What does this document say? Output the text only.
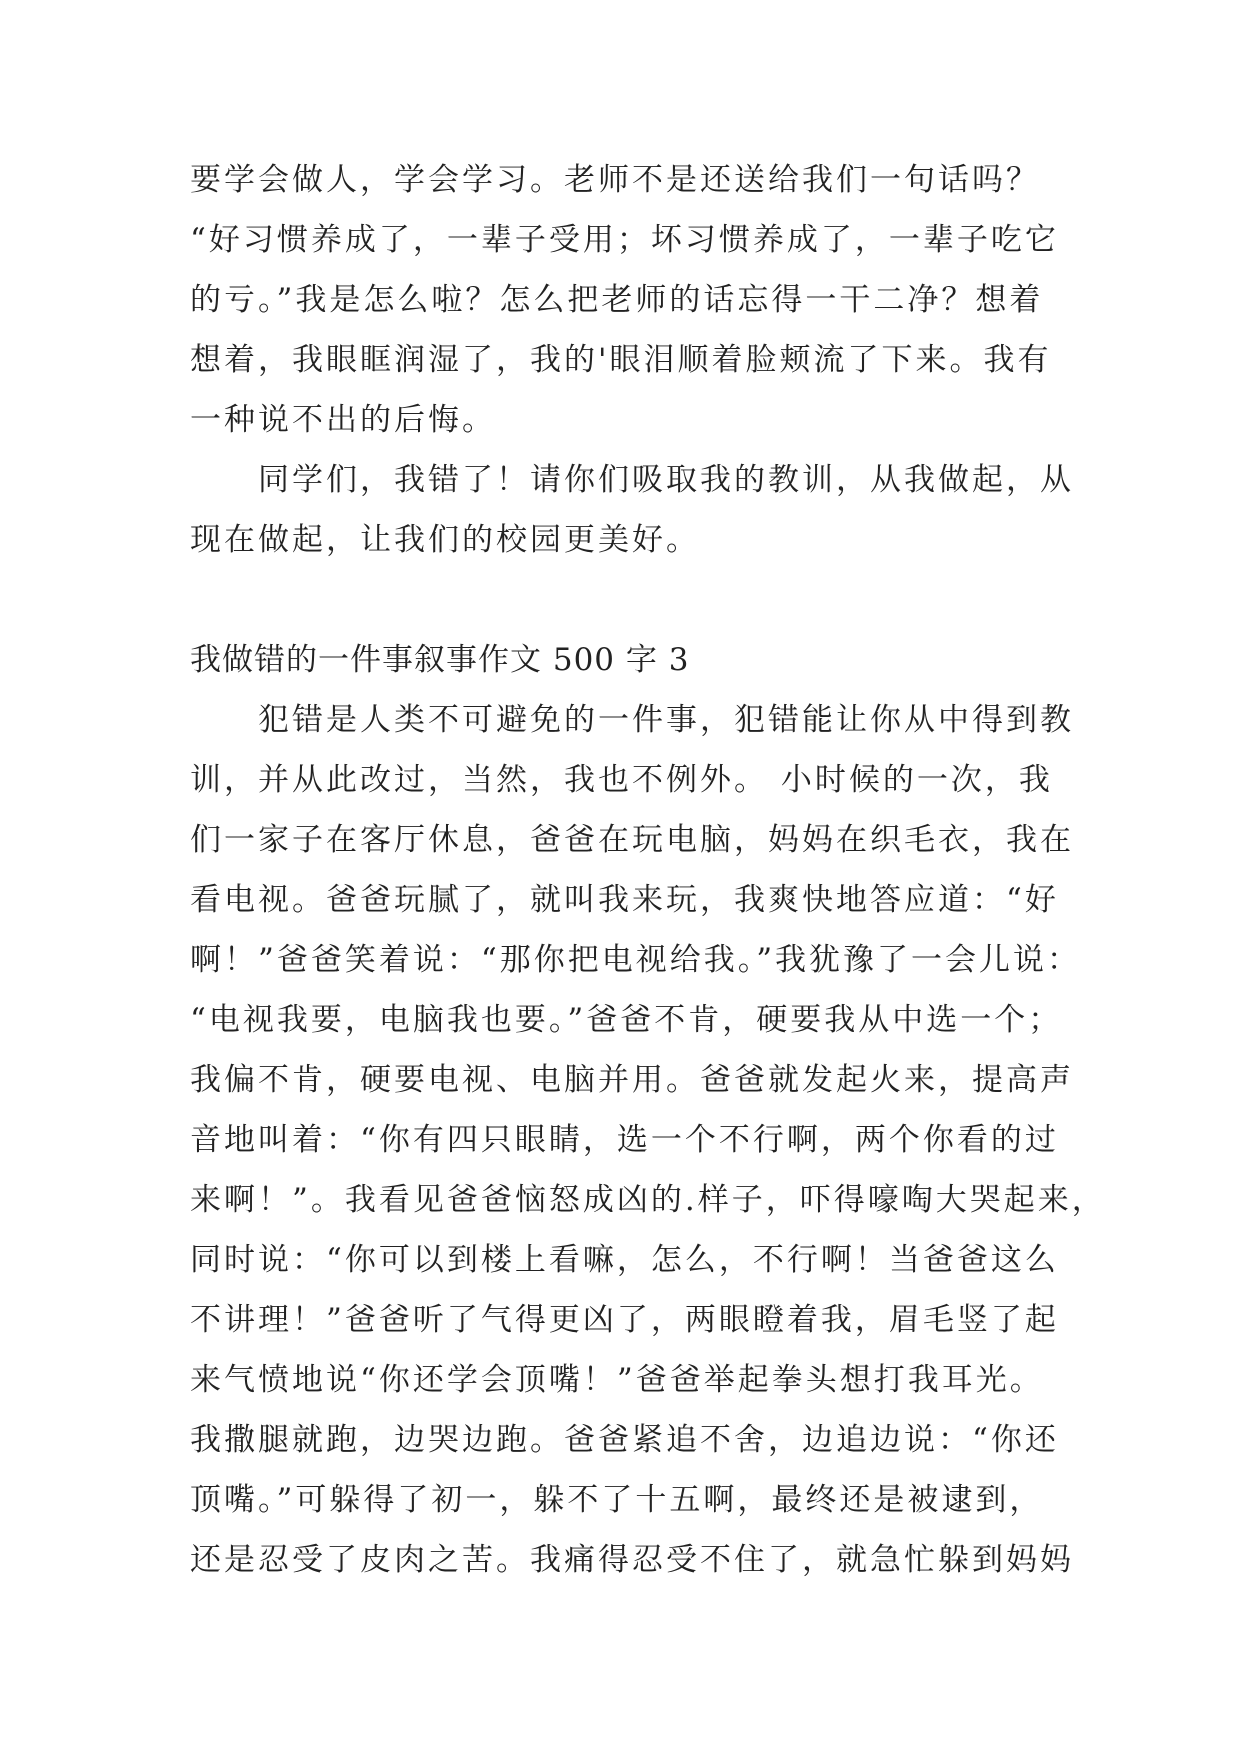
要学会做人，学会学习。老师不是还送给我们一句话吗？
“好习惯养成了，一辈子受用；坏习惯养成了，一辈子吃它
的亏。”我是怎么啦？怎么把老师的话忘得一干二净？想着
想着，我眼眶润湿了，我的'眼泪顺着脸颊流了下来。我有
一种说不出的后悔。
　　同学们，我错了！请你们吸取我的教训，从我做起，从
现在做起，让我们的校园更美好。
我做错的一件事叙事作文 500 字 3
　　犯错是人类不可避免的一件事，犯错能让你从中得到教
训，并从此改过，当然，我也不例外。 小时候的一次，我
们一家子在客厅休息，爸爸在玩电脑，妈妈在织毛衣，我在
看电视。爸爸玩腻了，就叫我来玩，我爽快地答应道：“好
啊！”爸爸笑着说：“那你把电视给我。”我犹豫了一会儿说：
“电视我要，电脑我也要。”爸爸不肯，硬要我从中选一个；
我偏不肯，硬要电视、电脑并用。爸爸就发起火来，提高声
音地叫着：“你有四只眼睛，选一个不行啊，两个你看的过
来啊！”。我看见爸爸恼怒成凶的.样子，吓得嚎啕大哭起来，
同时说：“你可以到楼上看嘛，怎么，不行啊！当爸爸这么
不讲理！”爸爸听了气得更凶了，两眼瞪着我，眉毛竖了起
来气愤地说“你还学会顶嘴！”爸爸举起拳头想打我耳光。
我撒腿就跑，边哭边跑。爸爸紧追不舍，边追边说：“你还
顶嘴。”可躲得了初一，躲不了十五啊，最终还是被逮到，
还是忍受了皮肉之苦。我痛得忍受不住了，就急忙躲到妈妈
